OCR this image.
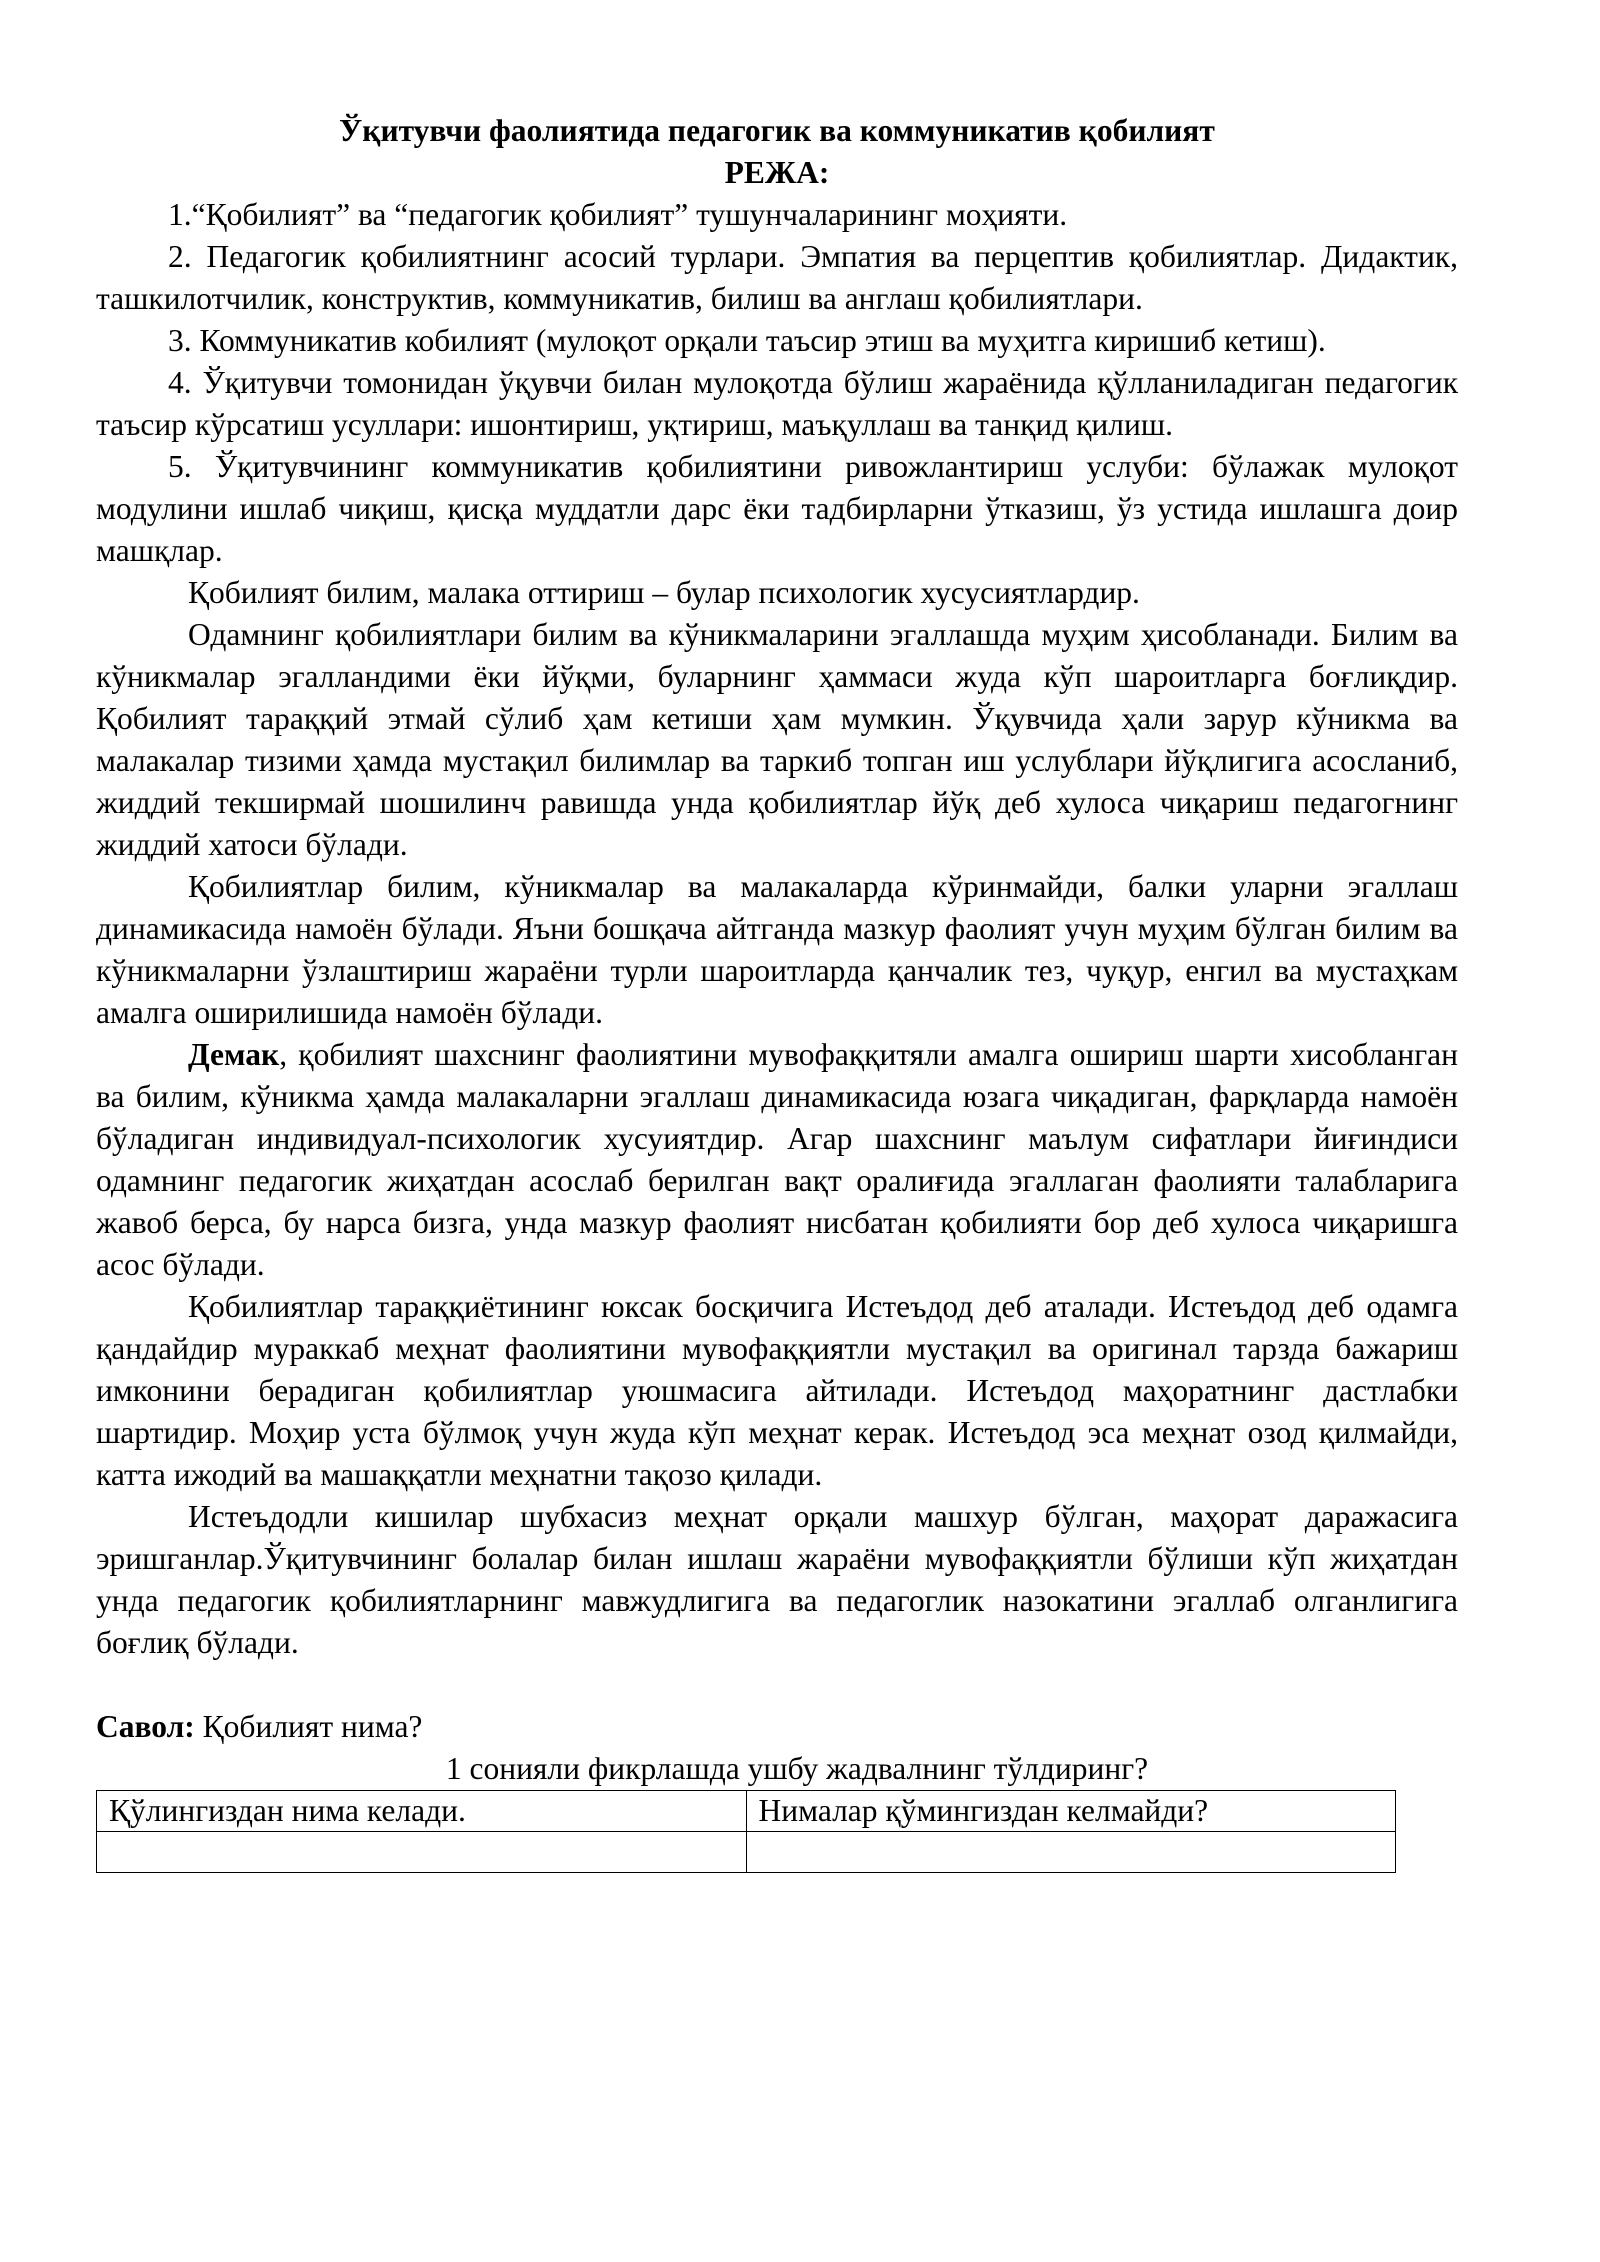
Ўқитувчи фаолиятида педагогик ва коммуникатив қобилият

РЕЖА:

1.“Қобилият” ва “педагогик қобилият” тушунчаларининг моҳияти.

2. Педагогик қобилиятнинг асосий турлари. Эмпатия ва перцептив қобилиятлар. Дидактик, ташкилотчилик, конструктив, коммуникатив, билиш ва англаш қобилиятлари.

3. Коммуникатив кобилият (мулоқот орқали таъсир этиш ва муҳитга киришиб кетиш).

4. Ўқитувчи томонидан ўқувчи билан мулоқотда бўлиш жараёнида қўлланиладиган педагогик таъсир кўрсатиш усуллари: ишонтириш, уқтириш, маъқуллаш ва танқид қилиш.

5. Ўқитувчининг коммуникатив қобилиятини ривожлантириш услуби: бўлажак мулоқот модулини ишлаб чиқиш, қисқа муддатли дарс ёки тадбирларни ўтказиш, ўз устида ишлашга доир машқлар.

Қобилият билим, малака оттириш – булар психологик хусусиятлардир.

Одамнинг қобилиятлари билим ва кўникмаларини эгаллашда муҳим ҳисобланади. Билим ва кўникмалар эгалландими ёки йўқми, буларнинг ҳаммаси жуда кўп шароитларга боғлиқдир. Қобилият тараққий этмай сўлиб ҳам кетиши ҳам мумкин. Ўқувчида ҳали зарур кўникма ва малакалар тизими ҳамда мустақил билимлар ва таркиб топган иш услублари йўқлигига асосланиб, жиддий текширмай шошилинч равишда унда қобилиятлар йўқ деб хулоса чиқариш педагогнинг жиддий хатоси бўлади.

Қобилиятлар билим, кўникмалар ва малакаларда кўринмайди, балки уларни эгаллаш динамикасида намоён бўлади. Яъни бошқача айтганда мазкур фаолият учун муҳим бўлган билим ва кўникмаларни ўзлаштириш жараёни турли шароитларда қанчалик тез, чуқур, енгил ва мустаҳкам амалга оширилишида намоён бўлади.

Демак, қобилият шахснинг фаолиятини мувофаққитяли амалга ошириш шарти хисобланган ва билим, кўникма ҳамда малакаларни эгаллаш динамикасида юзага чиқадиган, фарқларда намоён бўладиган индивидуал-психологик хусуиятдир. Агар шахснинг маълум сифатлари йиғиндиси одамнинг педагогик жиҳатдан асослаб берилган вақт оралиғида эгаллаган фаолияти талабларига жавоб берса, бу нарса бизга, унда мазкур фаолият нисбатан қобилияти бор деб хулоса чиқаришга асос бўлади.

Қобилиятлар тараққиётининг юксак босқичига Истеъдод деб аталади. Истеъдод деб одамга қандайдир мураккаб меҳнат фаолиятини мувофаққиятли мустақил ва оригинал тарзда бажариш имконини берадиган қобилиятлар уюшмасига айтилади. Истеъдод маҳоратнинг дастлабки шартидир. Моҳир уста бўлмоқ учун жуда кўп меҳнат керак. Истеъдод эса меҳнат озод қилмайди, катта ижодий ва машаққатли меҳнатни тақозо қилади.

Истеъдодли кишилар шубхасиз меҳнат орқали машхур бўлган, маҳорат даражасига эришганлар.Ўқитувчининг болалар билан ишлаш жараёни мувофаққиятли бўлиши кўп жиҳатдан унда педагогик қобилиятларнинг мавжудлигига ва педагоглик назокатини эгаллаб олганлигига боғлиқ бўлади.

Савол: Қобилият нима?

1 сонияли фикрлашда ушбу жадвалнинг тўлдиринг?

Қўлингиздан нима келади.	Нималар қўмингиздан келмайди?
